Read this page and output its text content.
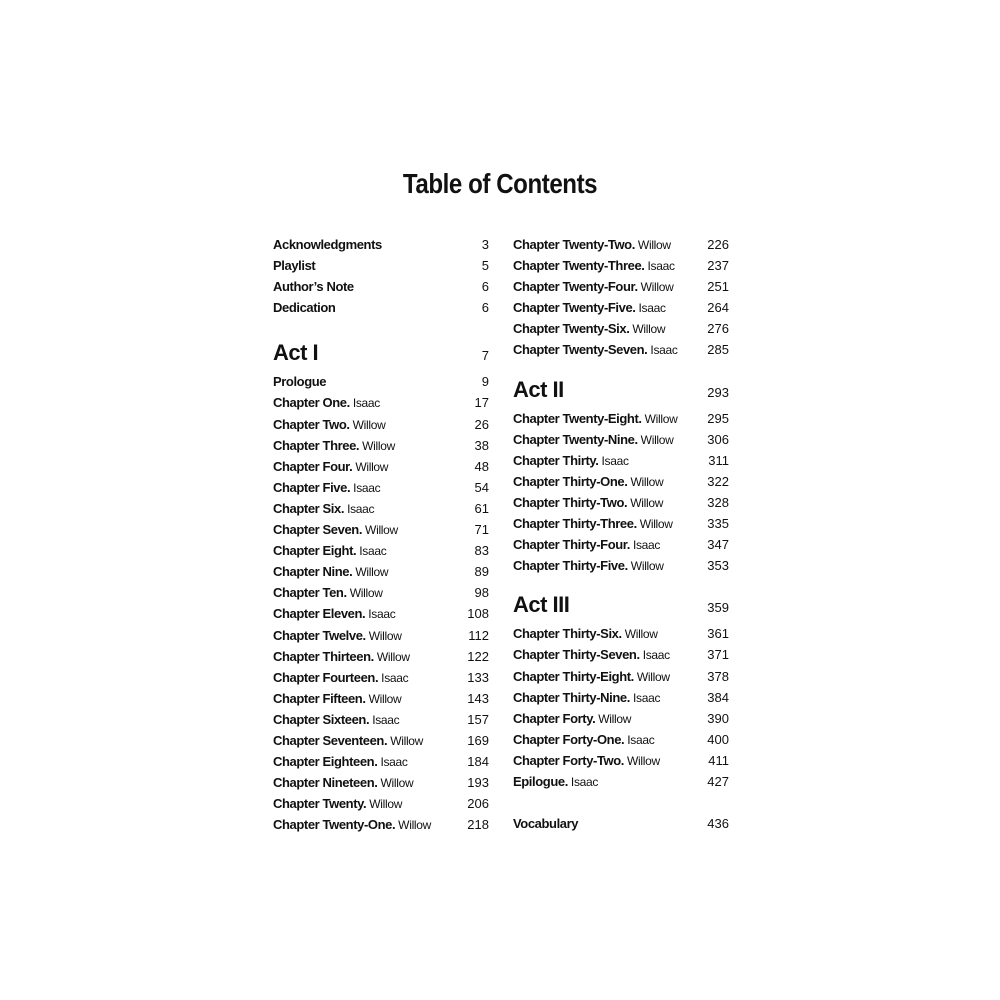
Table of Contents
Acknowledgments	3
Playlist	5
Author’s Note	6
Dedication	6
Act I	7
Prologue	9
Chapter One. Isaac	17
Chapter Two. Willow	26
Chapter Three. Willow	38
Chapter Four. Willow	48
Chapter Five. Isaac	54
Chapter Six. Isaac	61
Chapter Seven. Willow	71
Chapter Eight. Isaac	83
Chapter Nine. Willow	89
Chapter Ten. Willow	98
Chapter Eleven. Isaac	108
Chapter Twelve. Willow	112
Chapter Thirteen. Willow	122
Chapter Fourteen. Isaac	133
Chapter Fifteen. Willow	143
Chapter Sixteen. Isaac	157
Chapter Seventeen. Willow	169
Chapter Eighteen. Isaac	184
Chapter Nineteen. Willow	193
Chapter Twenty. Willow	206
Chapter Twenty-One. Willow	218
Chapter Twenty-Two. Willow	226
Chapter Twenty-Three. Isaac	237
Chapter Twenty-Four. Willow	251
Chapter Twenty-Five. Isaac	264
Chapter Twenty-Six. Willow	276
Chapter Twenty-Seven. Isaac 285
Act II	293
Chapter Twenty-Eight. Willow 295
Chapter Twenty-Nine. Willow	306
Chapter Thirty. Isaac	311
Chapter Thirty-One. Willow	322
Chapter Thirty-Two. Willow	328
Chapter Thirty-Three. Willow	335
Chapter Thirty-Four. Isaac	347
Chapter Thirty-Five. Willow	353
Act III	359
Chapter Thirty-Six. Willow	361
Chapter Thirty-Seven. Isaac	371
Chapter Thirty-Eight. Willow	378
Chapter Thirty-Nine. Isaac	384
Chapter Forty. Willow	390
Chapter Forty-One. Isaac	400
Chapter Forty-Two. Willow	411
Epilogue. Isaac	427
Vocabulary	436
